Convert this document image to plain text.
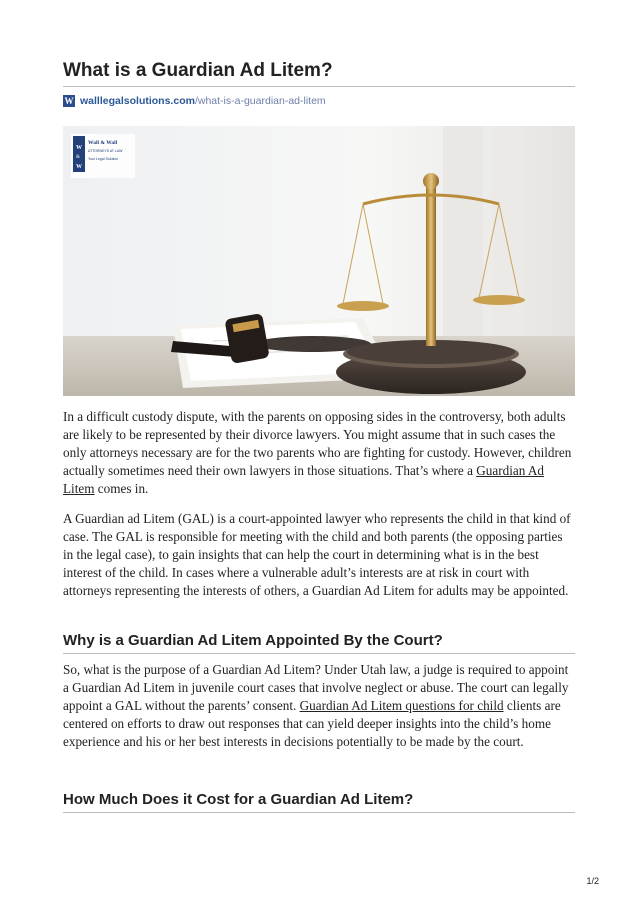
What is a Guardian Ad Litem?
W walllegalsolutions.com/what-is-a-guardian-ad-litem
W
&
W
Wall & Wall
ATTORNEYS AT LAW
Your Legal Solution

In a difficult custody dispute, with the parents on opposing sides in the controversy, both adults are likely to be represented by their divorce lawyers. You might assume that in such cases the only attorneys necessary are for the two parents who are fighting for custody. However, children actually sometimes need their own lawyers in those situations. That’s where a Guardian Ad Litem comes in.

A Guardian ad Litem (GAL) is a court-appointed lawyer who represents the child in that kind of case. The GAL is responsible for meeting with the child and both parents (the opposing parties in the legal case), to gain insights that can help the court in determining what is in the best interest of the child. In cases where a vulnerable adult’s interests are at risk in court with attorneys representing the interests of others, a Guardian Ad Litem for adults may be appointed.

Why is a Guardian Ad Litem Appointed By the Court?

So, what is the purpose of a Guardian Ad Litem? Under Utah law, a judge is required to appoint a Guardian Ad Litem in juvenile court cases that involve neglect or abuse. The court can legally appoint a GAL without the parents’ consent. Guardian Ad Litem questions for child clients are centered on efforts to draw out responses that can yield deeper insights into the child’s home experience and his or her best interests in decisions potentially to be made by the court.

How Much Does it Cost for a Guardian Ad Litem?
1/2
